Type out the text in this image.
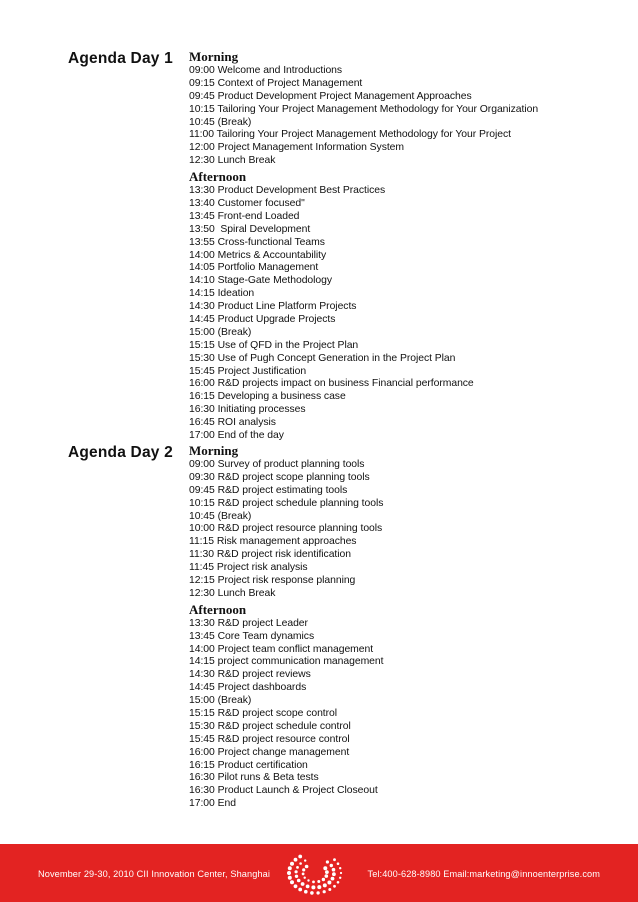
Agenda Day 1 Morning
09:00 Welcome and Introductions
09:15 Context of Project Management
09:45 Product Development Project Management Approaches
10:15 Tailoring Your Project Management Methodology for Your Organization
10:45 (Break)
11:00 Tailoring Your Project Management Methodology for Your Project
12:00 Project Management Information System
12:30 Lunch Break
Afternoon
13:30 Product Development Best Practices
13:40 Customer focused"
13:45 Front-end Loaded
13:50  Spiral Development
13:55 Cross-functional Teams
14:00 Metrics & Accountability
14:05 Portfolio Management
14:10 Stage-Gate Methodology
14:15 Ideation
14:30 Product Line Platform Projects
14:45 Product Upgrade Projects
15:00 (Break)
15:15 Use of QFD in the Project Plan
15:30 Use of Pugh Concept Generation in the Project Plan
15:45 Project Justification
16:00 R&D projects impact on business Financial performance
16:15 Developing a business case
16:30 Initiating processes
16:45 ROI analysis
17:00 End of the day
Agenda Day 2 Morning
09:00 Survey of product planning tools
09:30 R&D project scope planning tools
09:45 R&D project estimating tools
10:15 R&D project schedule planning tools
10:45 (Break)
10:00 R&D project resource planning tools
11:15 Risk management approaches
11:30 R&D project risk identification
11:45 Project risk analysis
12:15 Project risk response planning
12:30 Lunch Break
Afternoon
13:30 R&D project Leader
13:45 Core Team dynamics
14:00 Project team conflict management
14:15 project communication management
14:30 R&D project reviews
14:45 Project dashboards
15:00 (Break)
15:15 R&D project scope control
15:30 R&D project schedule control
15:45 R&D project resource control
16:00 Project change management
16:15 Product certification
16:30 Pilot runs & Beta tests
16:30 Product Launch & Project Closeout
17:00 End
November 29-30, 2010 CII Innovation Center, Shanghai	Tel:400-628-8980 Email:marketing@innoenterprise.com
